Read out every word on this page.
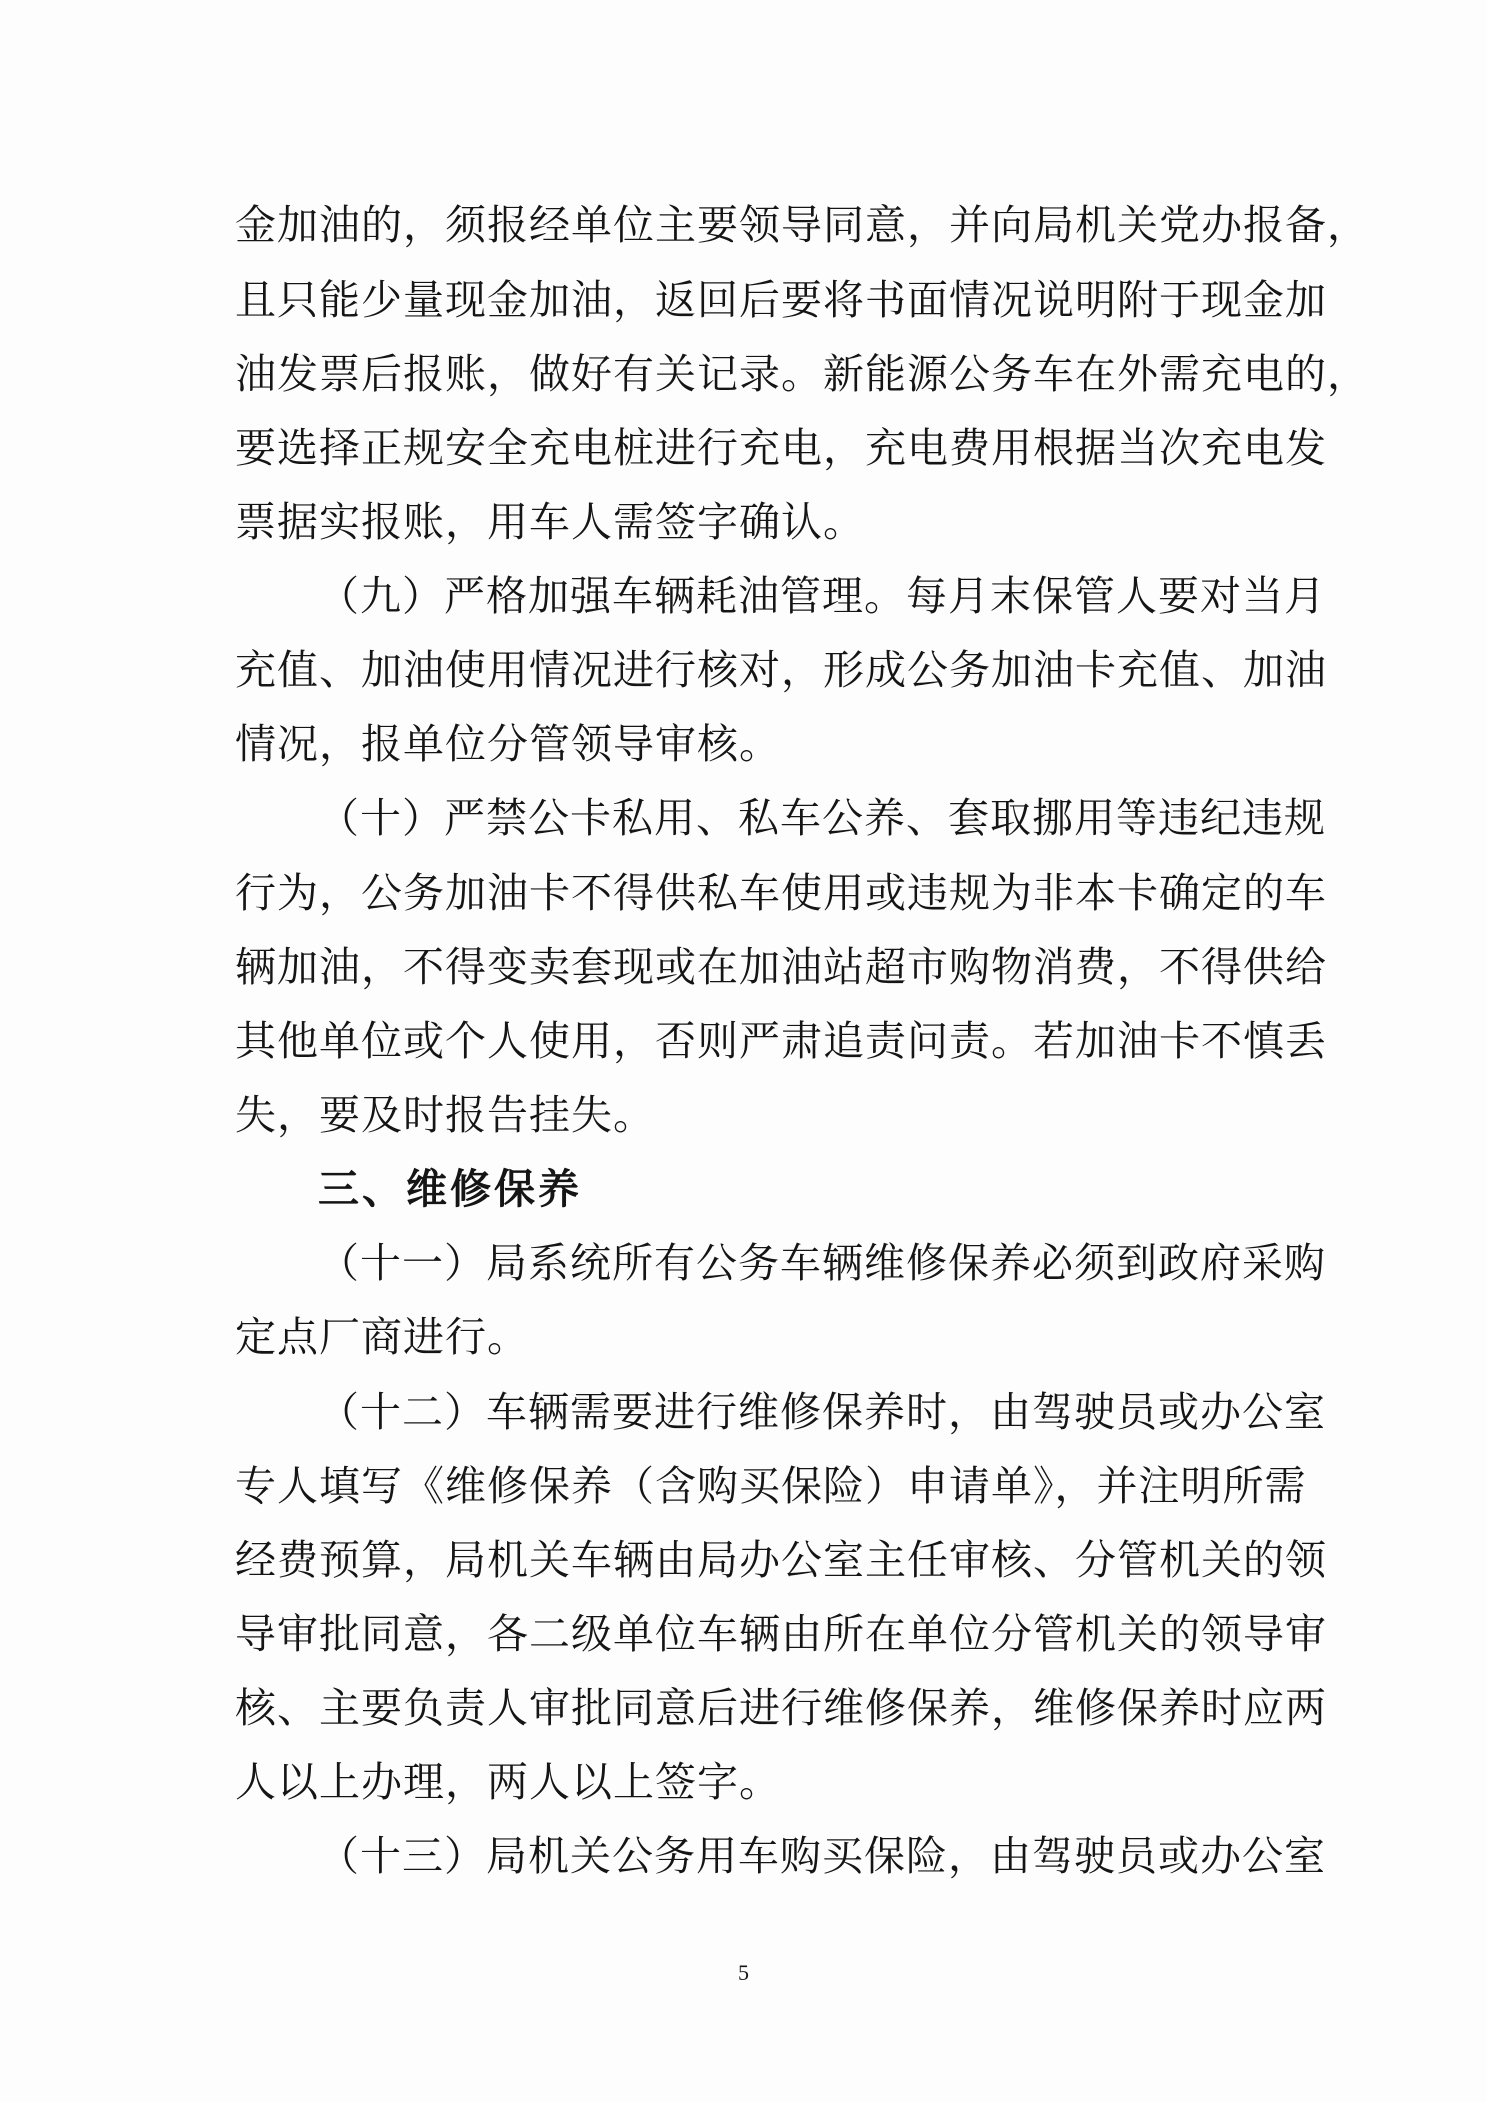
金加油的，须报经单位主要领导同意，并向局机关党办报备，
且只能少量现金加油，返回后要将书面情况说明附于现金加
油发票后报账，做好有关记录。新能源公务车在外需充电的，
要选择正规安全充电桩进行充电，充电费用根据当次充电发
票据实报账，用车人需签字确认。
（九）严格加强车辆耗油管理。每月末保管人要对当月
充值、加油使用情况进行核对，形成公务加油卡充值、加油
情况，报单位分管领导审核。
（十）严禁公卡私用、私车公养、套取挪用等违纪违规
行为，公务加油卡不得供私车使用或违规为非本卡确定的车
辆加油，不得变卖套现或在加油站超市购物消费，不得供给
其他单位或个人使用，否则严肃追责问责。若加油卡不慎丢
失，要及时报告挂失。
三、维修保养
（十一）局系统所有公务车辆维修保养必须到政府采购
定点厂商进行。
（十二）车辆需要进行维修保养时，由驾驶员或办公室
专人填写《维修保养（含购买保险）申请单》，并注明所需
经费预算，局机关车辆由局办公室主任审核、分管机关的领
导审批同意，各二级单位车辆由所在单位分管机关的领导审
核、主要负责人审批同意后进行维修保养，维修保养时应两
人以上办理，两人以上签字。
（十三）局机关公务用车购买保险，由驾驶员或办公室
5
